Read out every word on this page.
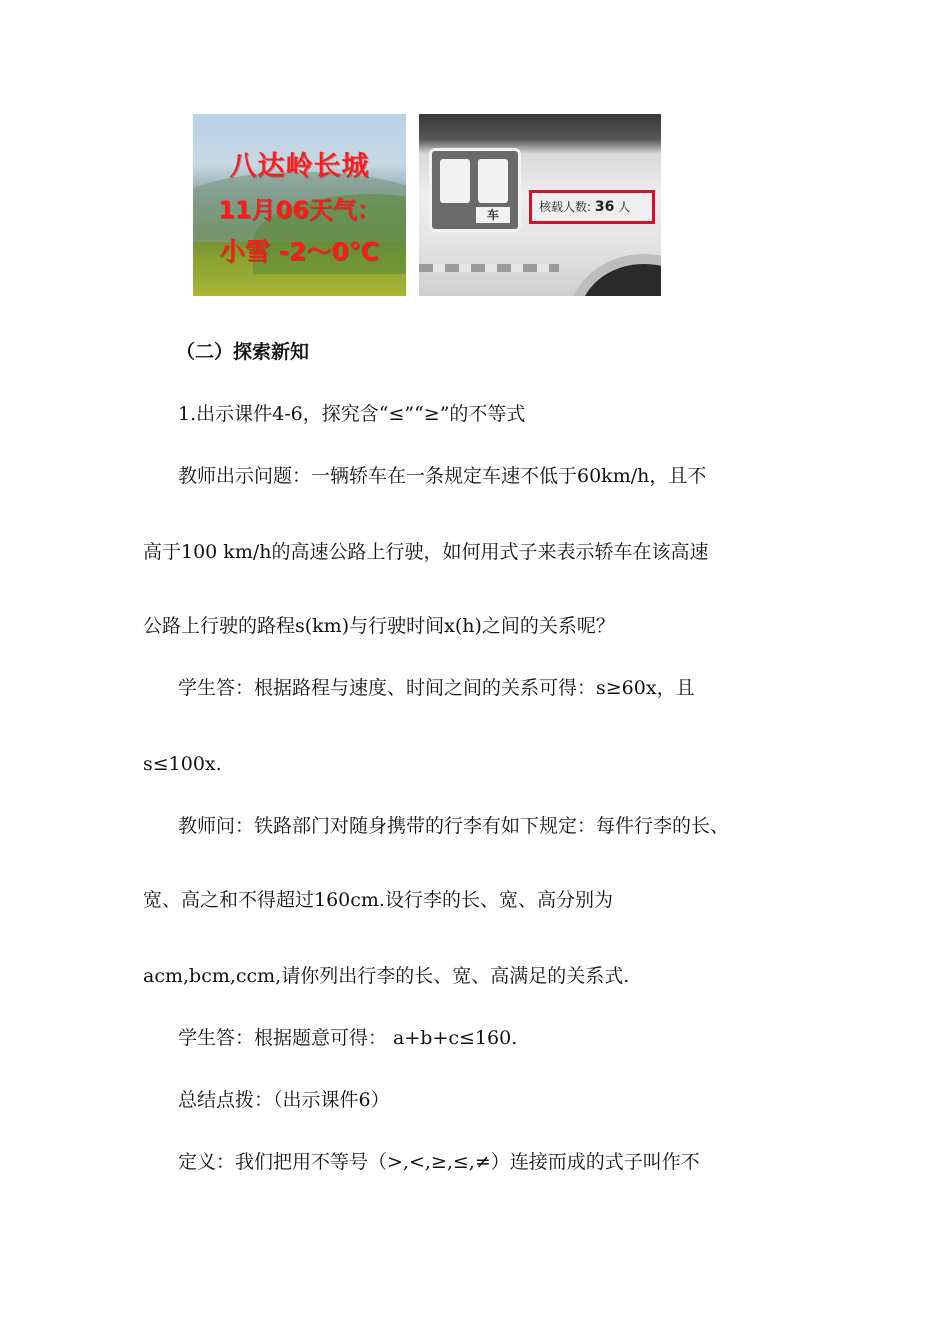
八达岭长城
11月06天气：
小雪 -2～0℃
车
核载人数: 36 人
（二）探索新知
1.出示课件4-6，探究含“≤”“≥”的不等式
教师出示问题：一辆轿车在一条规定车速不低于60km/h，且不
高于100 km/h的高速公路上行驶，如何用式子来表示轿车在该高速
公路上行驶的路程s(km)与行驶时间x(h)之间的关系呢？
学生答：根据路程与速度、时间之间的关系可得：s≥60x，且
s≤100x.
教师问：铁路部门对随身携带的行李有如下规定：每件行李的长、
宽、高之和不得超过160cm.设行李的长、宽、高分别为
acm,bcm,ccm,请你列出行李的长、宽、高满足的关系式.
学生答：根据题意可得： a+b+c≤160.
总结点拨：（出示课件6）
定义：我们把用不等号（>,<,≥,≤,≠）连接而成的式子叫作不
